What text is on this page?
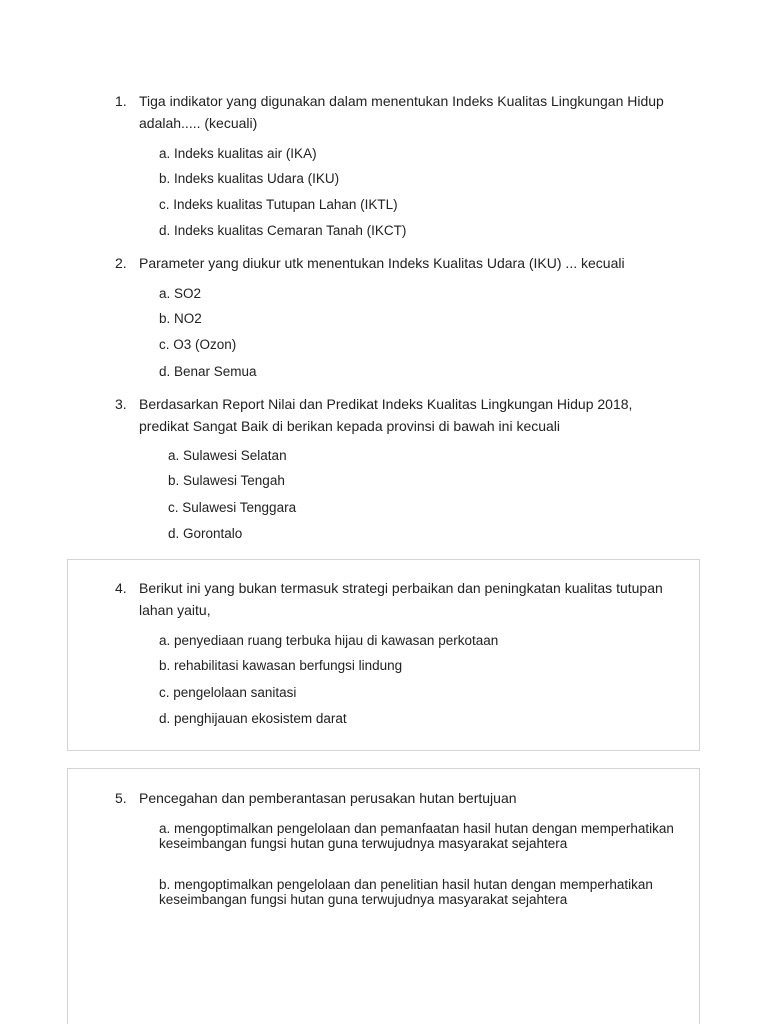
1. Tiga indikator yang digunakan dalam menentukan Indeks Kualitas Lingkungan Hidup adalah..... (kecuali)
a. Indeks kualitas air (IKA)
b. Indeks kualitas Udara (IKU)
c. Indeks kualitas Tutupan Lahan (IKTL)
d. Indeks kualitas Cemaran Tanah (IKCT)
2. Parameter yang diukur utk menentukan Indeks Kualitas Udara (IKU) ... kecuali
a. SO2
b. NO2
c. O3 (Ozon)
d. Benar Semua
3. Berdasarkan Report Nilai dan Predikat Indeks Kualitas Lingkungan Hidup 2018, predikat Sangat Baik di berikan kepada provinsi di bawah ini kecuali
a. Sulawesi Selatan
b. Sulawesi Tengah
c. Sulawesi Tenggara
d. Gorontalo
4. Berikut ini yang bukan termasuk strategi perbaikan dan peningkatan kualitas tutupan lahan yaitu,
a. penyediaan ruang terbuka hijau di kawasan perkotaan
b. rehabilitasi kawasan berfungsi lindung
c. pengelolaan sanitasi
d. penghijauan ekosistem darat
5. Pencegahan dan pemberantasan perusakan hutan bertujuan
a. mengoptimalkan pengelolaan dan pemanfaatan hasil hutan dengan memperhatikan keseimbangan fungsi hutan guna terwujudnya masyarakat sejahtera
b. mengoptimalkan pengelolaan dan penelitian hasil hutan dengan memperhatikan keseimbangan fungsi hutan guna terwujudnya masyarakat sejahtera
